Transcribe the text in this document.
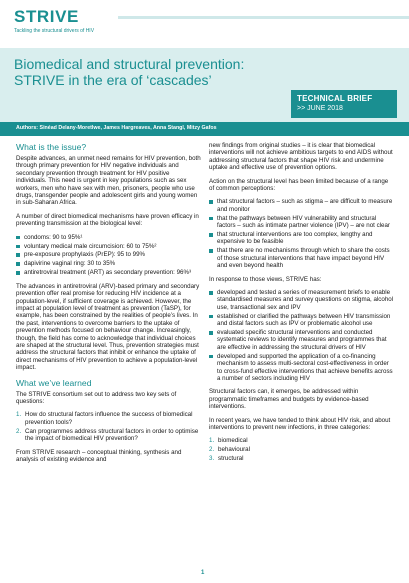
STRIVE
Tackling the structural drivers of HIV
Biomedical and structural prevention: STRIVE in the era of ‘cascades’
TECHNICAL BRIEF
>> JUNE 2018
Authors: Sinéad Delany-Moretlwe, James Hargreaves, Anna Stangl, Mitzy Gafos
What is the issue?

Despite advances, an unmet need remains for HIV prevention, both through primary prevention for HIV negative individuals and secondary prevention through treatment for HIV positive individuals. This need is urgent in key populations such as sex workers, men who have sex with men, prisoners, people who use drugs, transgender people and adolescent girls and young women in sub-Saharan Africa.

A number of direct biomedical mechanisms have proven efficacy in preventing transmission at the biological level:

condoms: 90 to 95%¹
voluntary medical male circumcision: 60 to 75%²
pre-exposure prophylaxis (PrEP): 95 to 99%
dapivirine vaginal ring: 30 to 35%
antiretroviral treatment (ART) as secondary prevention: 96%³

The advances in antiretroviral (ARV)-based primary and secondary prevention offer real promise for reducing HIV incidence at a population-level, if sufficient coverage is achieved. However, the impact at population level of treatment as prevention (TaSP), for example, has been constrained by the realities of people’s lives. In the past, interventions to overcome barriers to the uptake of prevention methods focused on behaviour change. Increasingly, though, the field has come to acknowledge that individual choices are shaped at the structural level. Thus, prevention strategies must address the structural factors that inhibit or enhance the uptake of direct mechanisms of HIV prevention to achieve a population-level impact.

What we’ve learned

The STRIVE consortium set out to address two key sets of questions:

1. How do structural factors influence the success of biomedical prevention tools?
2. Can programmes address structural factors in order to optimise the impact of biomedical HIV prevention?

From STRIVE research – conceptual thinking, synthesis and analysis of existing evidence and

new findings from original studies – it is clear that biomedical interventions will not achieve ambitious targets to end AIDS without addressing structural factors that shape HIV risk and undermine uptake and effective use of prevention options.

Action on the structural level has been limited because of a range of common perceptions:

that structural factors – such as stigma – are difficult to measure and monitor
that the pathways between HIV vulnerability and structural factors – such as intimate partner violence (IPV) – are not clear
that structural interventions are too complex, lengthy and expensive to be feasible
that there are no mechanisms through which to share the costs of those structural interventions that have impact beyond HIV and even beyond health

In response to those views, STRIVE has:

developed and tested a series of measurement briefs to enable standardised measures and survey questions on stigma, alcohol use, transactional sex and IPV
established or clarified the pathways between HIV transmission and distal factors such as IPV or problematic alcohol use
evaluated specific structural interventions and conducted systematic reviews to identify measures and programmes that are effective in addressing the structural drivers of HIV
developed and supported the application of a co-financing mechanism to assess multi-sectoral cost-effectiveness in order to cross-fund effective interventions that achieve benefits across a number of sectors including HIV

Structural factors can, it emerges, be addressed within programmatic timeframes and budgets by evidence-based interventions.

In recent years, we have tended to think about HIV risk, and about interventions to prevent new infections, in three categories:

1. biomedical
2. behavioural
3. structural
1
